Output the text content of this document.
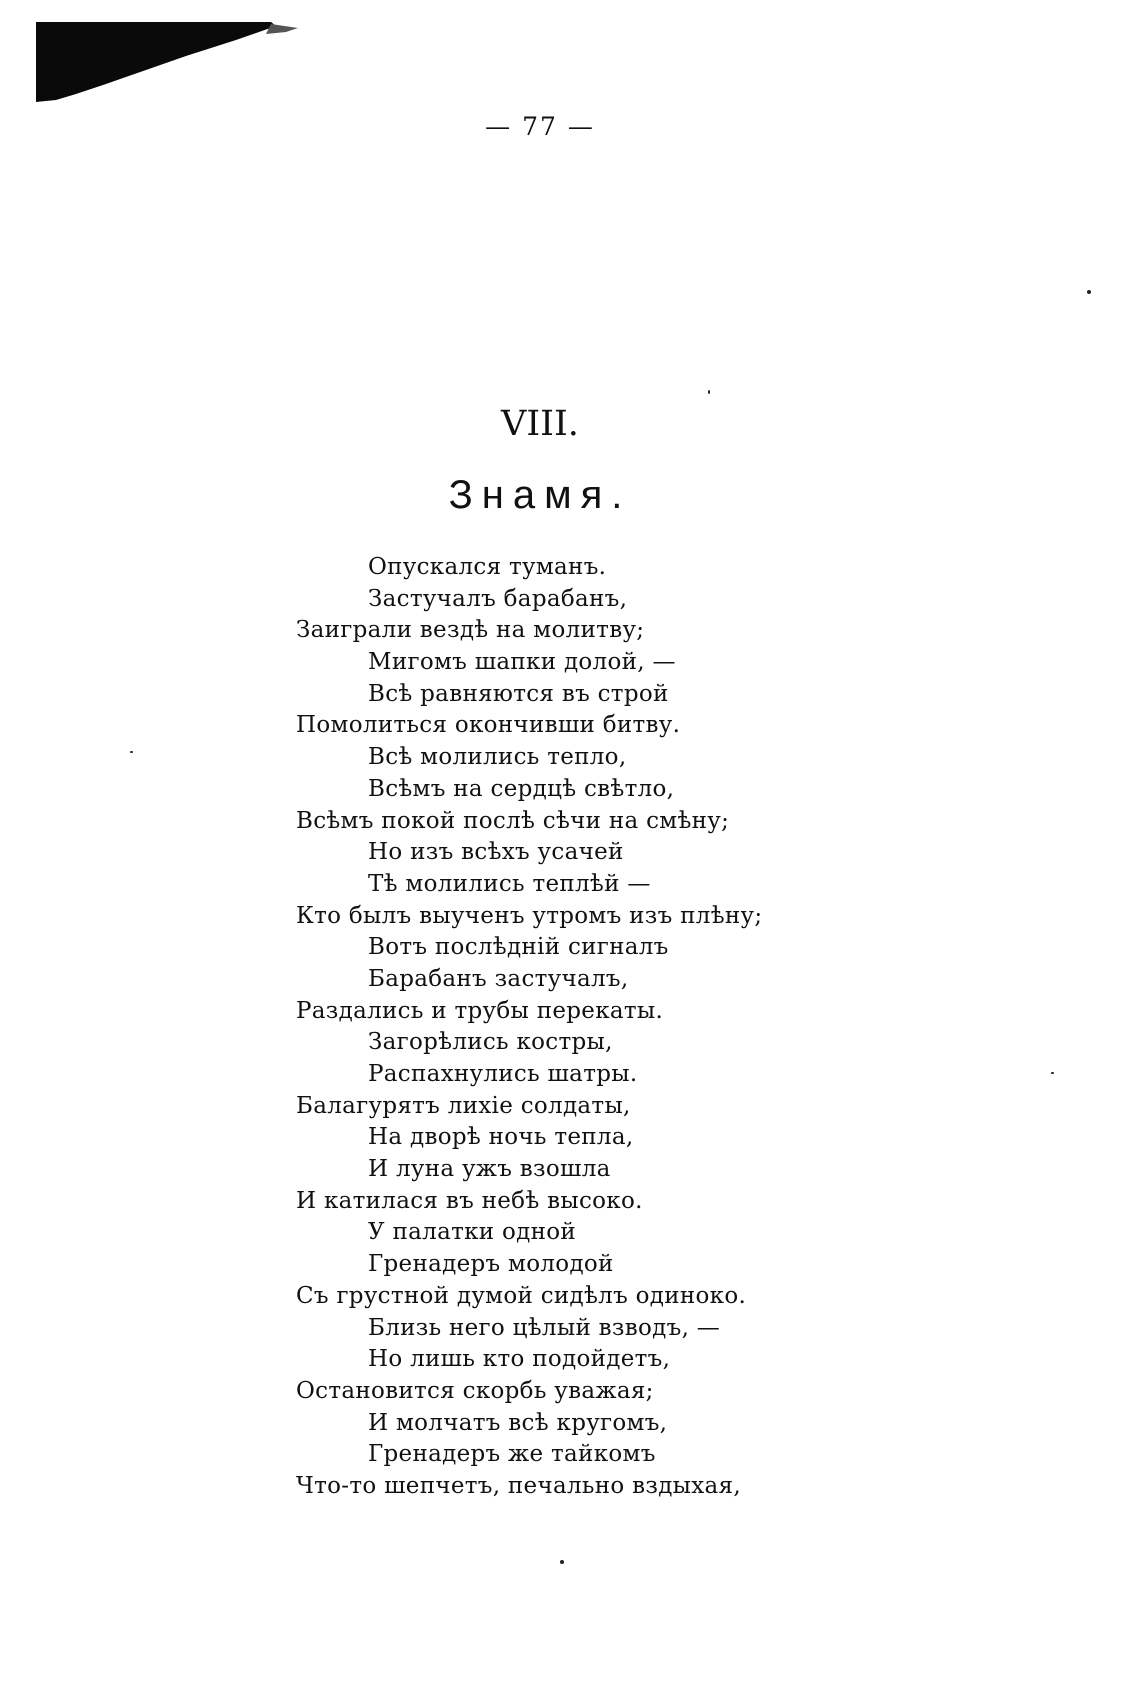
— 77 —
VIII.
Знамя.
Опускался туманъ.
Застучалъ барабанъ,
Заиграли вездѣ на молитву;
Мигомъ шапки долой, —
Всѣ равняются въ строй
Помолиться окончивши битву.
Всѣ молились тепло,
Всѣмъ на сердцѣ свѣтло,
Всѣмъ покой послѣ сѣчи на смѣну;
Но изъ всѣхъ усачей
Тѣ молились теплѣй —
Кто былъ выученъ утромъ изъ плѣну;
Вотъ послѣднiй сигналъ
Барабанъ застучалъ,
Раздались и трубы перекаты.
Загорѣлись костры,
Распахнулись шатры.
Балагурятъ лихiе солдаты,
На дворѣ ночь тепла,
И луна ужъ взошла
И катилася въ небѣ высоко.
У палатки одной
Гренадеръ молодой
Съ грустной думой сидѣлъ одиноко.
Близь него цѣлый взводъ, —
Но лишь кто подойдетъ,
Остановится скорбь уважая;
И молчатъ всѣ кругомъ,
Гренадеръ же тайкомъ
Что-то шепчетъ, печально вздыхая,
